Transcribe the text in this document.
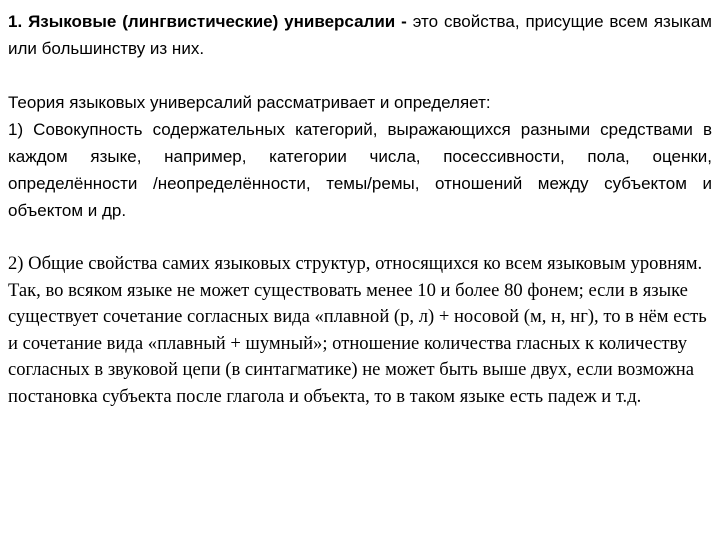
1. Языковые (лингвистические) универсалии - это свойства, присущие всем языкам или большинству из них.

Теория языковых универсалий рассматривает и определяет:

1) Совокупность содержательных категорий, выражающихся разными средствами в каждом языке, например, категории числа, посессивности, пола, оценки, определённости /неопределённости, темы/ремы, отношений между субъектом и объектом и др.

2) Общие свойства самих языковых структур, относящихся ко всем языковым уровням. Так, во всяком языке не может существовать менее 10 и более 80 фонем; если в языке существует сочетание согласных вида «плавной (р, л) + носовой (м, н, нг), то в нём есть и сочетание вида «плавный + шумный»; отношение количества гласных к количеству согласных в звуковой цепи (в синтагматике) не может быть выше двух, если возможна постановка субъекта после глагола и объекта, то в таком языке есть падеж и т.д.
